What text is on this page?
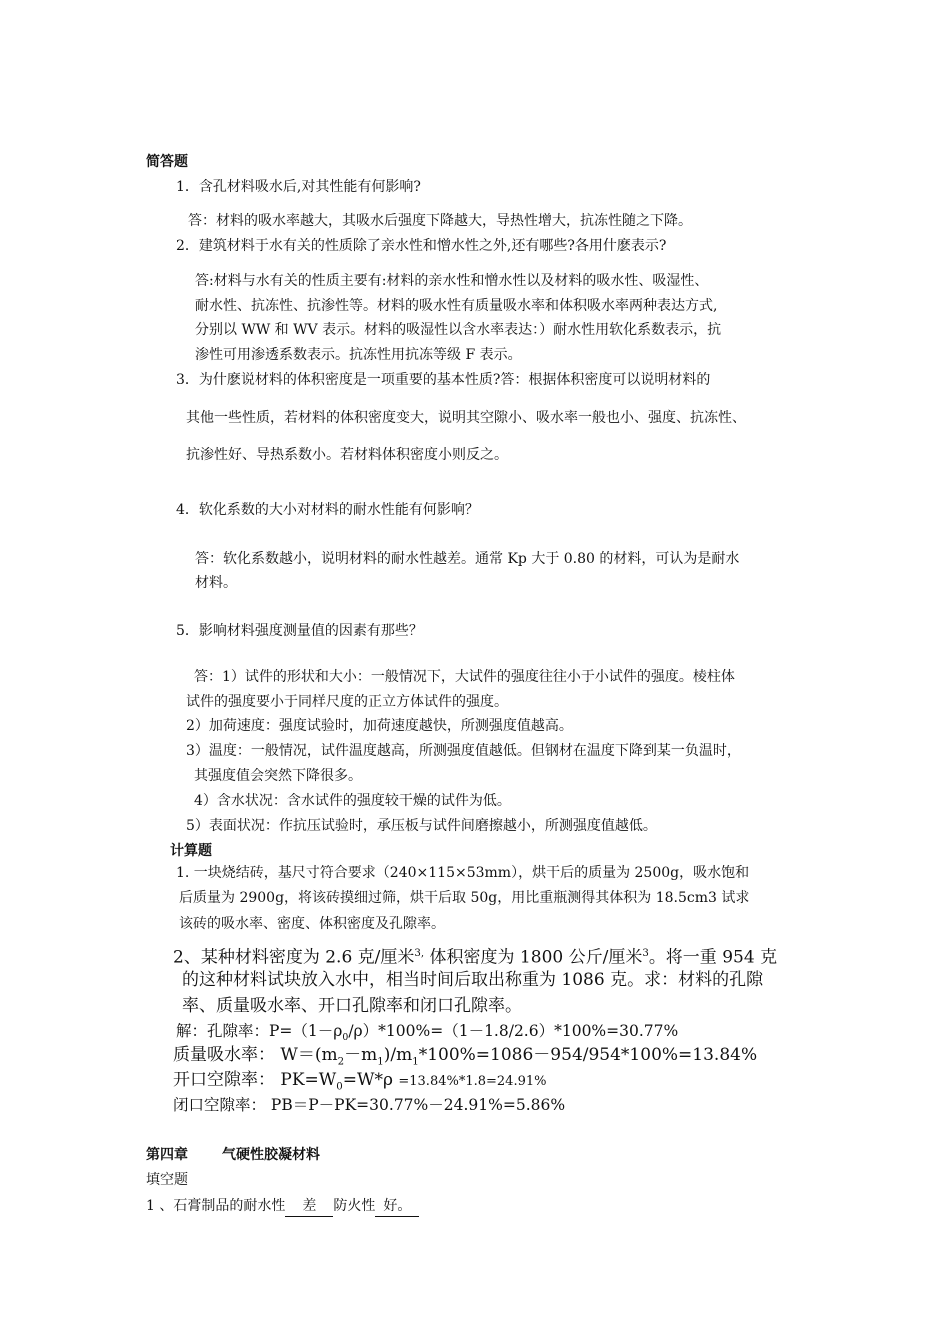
简答题
1．含孔材料吸水后,对其性能有何影响?
答：材料的吸水率越大，其吸水后强度下降越大，导热性增大，抗冻性随之下降。
2．建筑材料于水有关的性质除了亲水性和憎水性之外,还有哪些?各用什麽表示?
答:材料与水有关的性质主要有:材料的亲水性和憎水性以及材料的吸水性、吸湿性、
耐水性、抗冻性、抗渗性等。材料的吸水性有质量吸水率和体积吸水率两种表达方式,
分别以 WW 和 WV 表示。材料的吸湿性以含水率表达：）耐水性用软化系数表示，抗
渗性可用渗透系数表示。抗冻性用抗冻等级 F 表示。
3．为什麽说材料的体积密度是一项重要的基本性质?答：根据体积密度可以说明材料的
其他一些性质，若材料的体积密度变大，说明其空隙小、吸水率一般也小、强度、抗冻性、
抗渗性好、导热系数小。若材料体积密度小则反之。
4．软化系数的大小对材料的耐水性能有何影响？
答：软化系数越小，说明材料的耐水性越差。通常 Kp 大于 0.80 的材料，可认为是耐水
材料。
5．影响材料强度测量值的因素有那些？
答：1）试件的形状和大小：一般情况下，大试件的强度往往小于小试件的强度。棱柱体
试件的强度要小于同样尺度的正立方体试件的强度。
2）加荷速度：强度试验时，加荷速度越快，所测强度值越高。
3）温度：一般情况，试件温度越高，所测强度值越低。但钢材在温度下降到某一负温时，
其强度值会突然下降很多。
4）含水状况：含水试件的强度较干燥的试件为低。
5）表面状况：作抗压试验时，承压板与试件间磨擦越小，所测强度值越低。
计算题
1. 一块烧结砖，基尺寸符合要求（240×115×53mm），烘干后的质量为 2500g，吸水饱和
后质量为 2900g，将该砖摸细过筛，烘干后取 50g，用比重瓶测得其体积为 18.5cm3 试求
该砖的吸水率、密度、体积密度及孔隙率。
2、某种材料密度为 2.6 克/厘米$^{3,}$ 体积密度为 1800 公斤/厘米$^3$。将一重 954 克
的这种材料试块放入水中，相当时间后取出称重为 1086 克。求：材料的孔隙
率、质量吸水率、开口孔隙率和闭口孔隙率。
解：孔隙率：$P=(1-\rho_0/\rho)*100\%=(1-1.8/2.6)*100\%=30.77\%$
质量吸水率： $W=(m_2-m_1)/m_1*100\%=1086-954/954*100\%=13.84\%$
开口空隙率： $PK=W_0=W*\rho =13.84\%*1.8=24.91\%$
闭口空隙率： PB＝P－PK=30.77%－24.91%=5.86%
第四章 气硬性胶凝材料
填空题
1 、石膏制品的耐水性 差 防火性 好。
